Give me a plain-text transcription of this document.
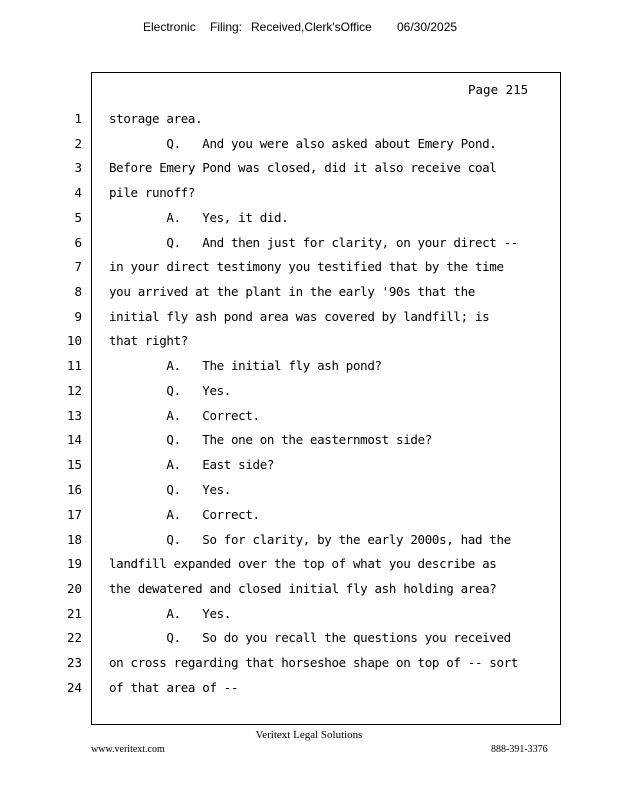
Electronic Filing: Received,Clerk'sOffice 06/30/2025
Page 215
1 storage area.
2 Q.   And you were also asked about Emery Pond.
3 Before Emery Pond was closed, did it also receive coal
4 pile runoff?
5 A.   Yes, it did.
6 Q.   And then just for clarity, on your direct --
7 in your direct testimony you testified that by the time
8 you arrived at the plant in the early '90s that the
9 initial fly ash pond area was covered by landfill; is
10 that right?
11 A.   The initial fly ash pond?
12 Q.   Yes.
13 A.   Correct.
14 Q.   The one on the easternmost side?
15 A.   East side?
16 Q.   Yes.
17 A.   Correct.
18 Q.   So for clarity, by the early 2000s, had the
19 landfill expanded over the top of what you describe as
20 the dewatered and closed initial fly ash holding area?
21 A.   Yes.
22 Q.   So do you recall the questions you received
23 on cross regarding that horseshoe shape on top of -- sort
24 of that area of --
Veritext Legal Solutions
www.veritext.com	888-391-3376
